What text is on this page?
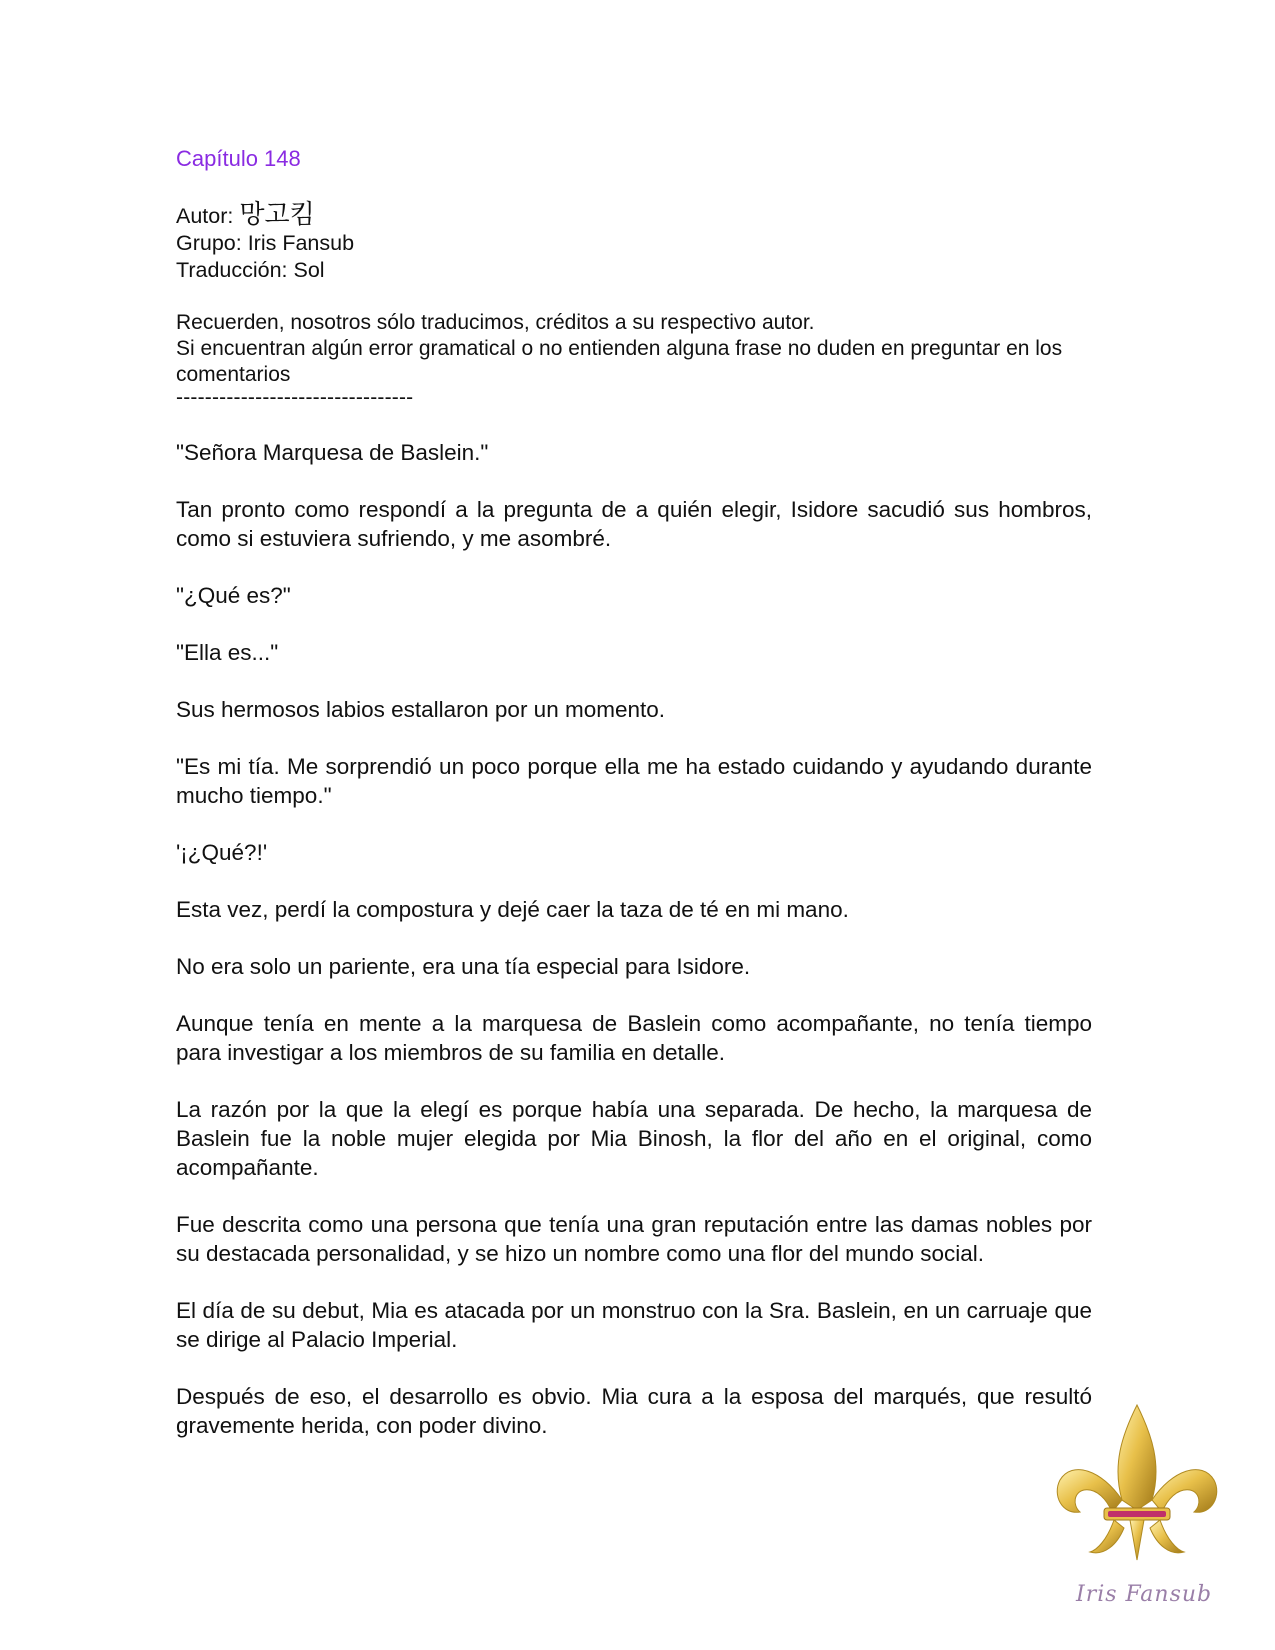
Capítulo 148

Autor: 망고킴

Grupo: Iris Fansub

Traducción: Sol

Recuerden, nosotros sólo traducimos, créditos a su respectivo autor.

Si encuentran algún error gramatical o no entienden alguna frase no duden en preguntar en los comentarios

---------------------------------

"Señora Marquesa de Baslein."

Tan pronto como respondí a la pregunta de a quién elegir, Isidore sacudió sus hombros, como si estuviera sufriendo, y me asombré.

"¿Qué es?"

"Ella es..."

Sus hermosos labios estallaron por un momento.

"Es mi tía. Me sorprendió un poco porque ella me ha estado cuidando y ayudando durante mucho tiempo."

'¡¿Qué?!'

Esta vez, perdí la compostura y dejé caer la taza de té en mi mano.

No era solo un pariente, era una tía especial para Isidore.

Aunque tenía en mente a la marquesa de Baslein como acompañante, no tenía tiempo para investigar a los miembros de su familia en detalle.

La razón por la que la elegí es porque había una separada. De hecho, la marquesa de Baslein fue la noble mujer elegida por Mia Binosh, la flor del año en el original, como acompañante.

Fue descrita como una persona que tenía una gran reputación entre las damas nobles por su destacada personalidad, y se hizo un nombre como una flor del mundo social.

El día de su debut, Mia es atacada por un monstruo con la Sra. Baslein, en un carruaje que se dirige al Palacio Imperial.

Después de eso, el desarrollo es obvio. Mia cura a la esposa del marqués, que resultó gravemente herida, con poder divino.

Iris Fansub
